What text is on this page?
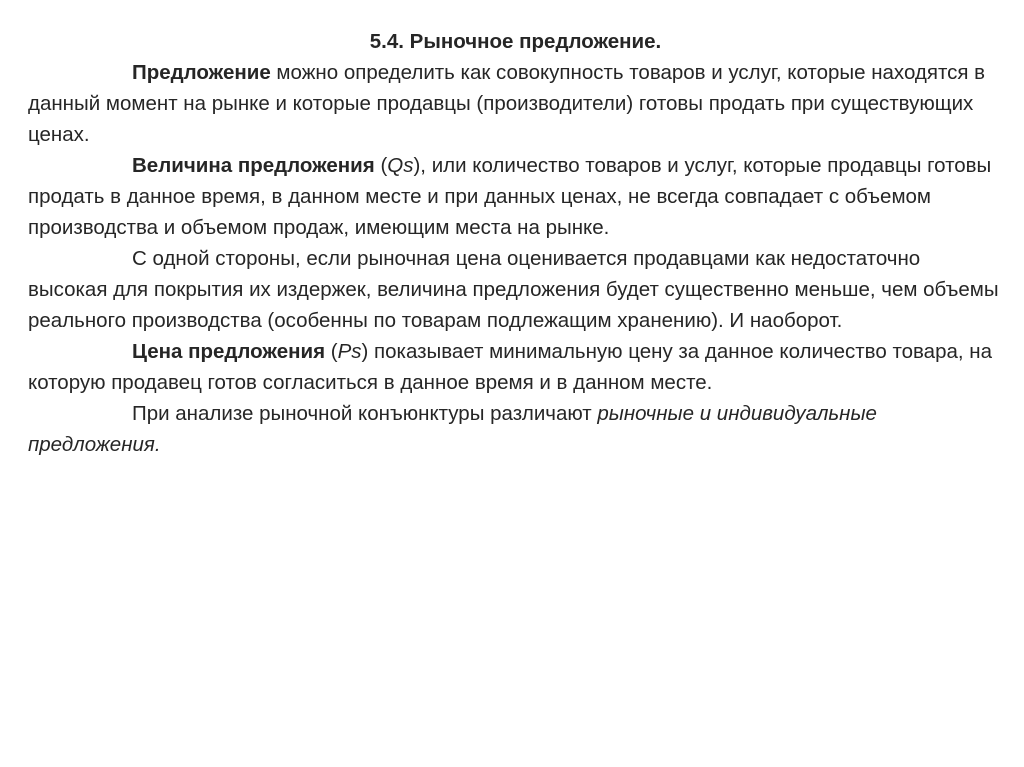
5.4. Рыночное предложение.

Предложение можно определить как совокупность товаров и услуг, которые находятся в данный момент на рынке и которые продавцы (производители) готовы продать при существующих ценах.

Величина предложения (Qs), или количество товаров и услуг, которые продавцы готовы продать в данное время, в данном месте и при данных ценах, не всегда совпадает с объемом производства и объемом продаж, имеющим места на рынке.

С одной стороны, если рыночная цена оценивается продавцами как недостаточно высокая для покрытия их издержек, величина предложения будет существенно меньше, чем объемы реального производства (особенны по товарам подлежащим хранению). И наоборот.

Цена предложения (Ps) показывает минимальную цену за данное количество товара, на которую продавец готов согласиться в данное время и в данном месте.

При анализе рыночной конъюнктуры различают рыночные и индивидуальные предложения.
